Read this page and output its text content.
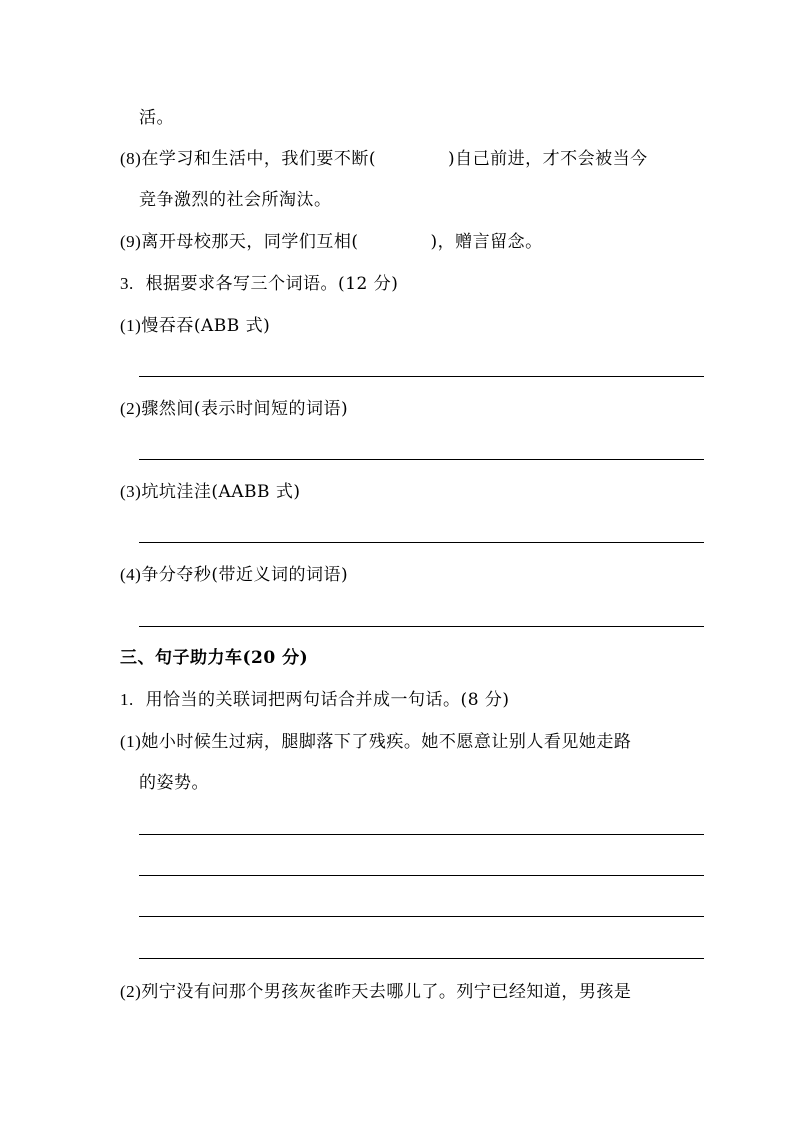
活。
(8)在学习和生活中，我们要不断(	)自己前进，才不会被当今
竞争激烈的社会所淘汰。
(9)离开母校那天，同学们互相(	)，赠言留念。
3. 根据要求各写三个词语。(12 分)
(1)慢吞吞(ABB 式)
(2)骤然间(表示时间短的词语)
(3)坑坑洼洼(AABB 式)
(4)争分夺秒(带近义词的词语)
三、句子助力车(20 分)
1. 用恰当的关联词把两句话合并成一句话。(8 分)
(1)她小时候生过病，腿脚落下了残疾。她不愿意让别人看见她走路
的姿势。
(2)列宁没有问那个男孩灰雀昨天去哪儿了。列宁已经知道，男孩是
